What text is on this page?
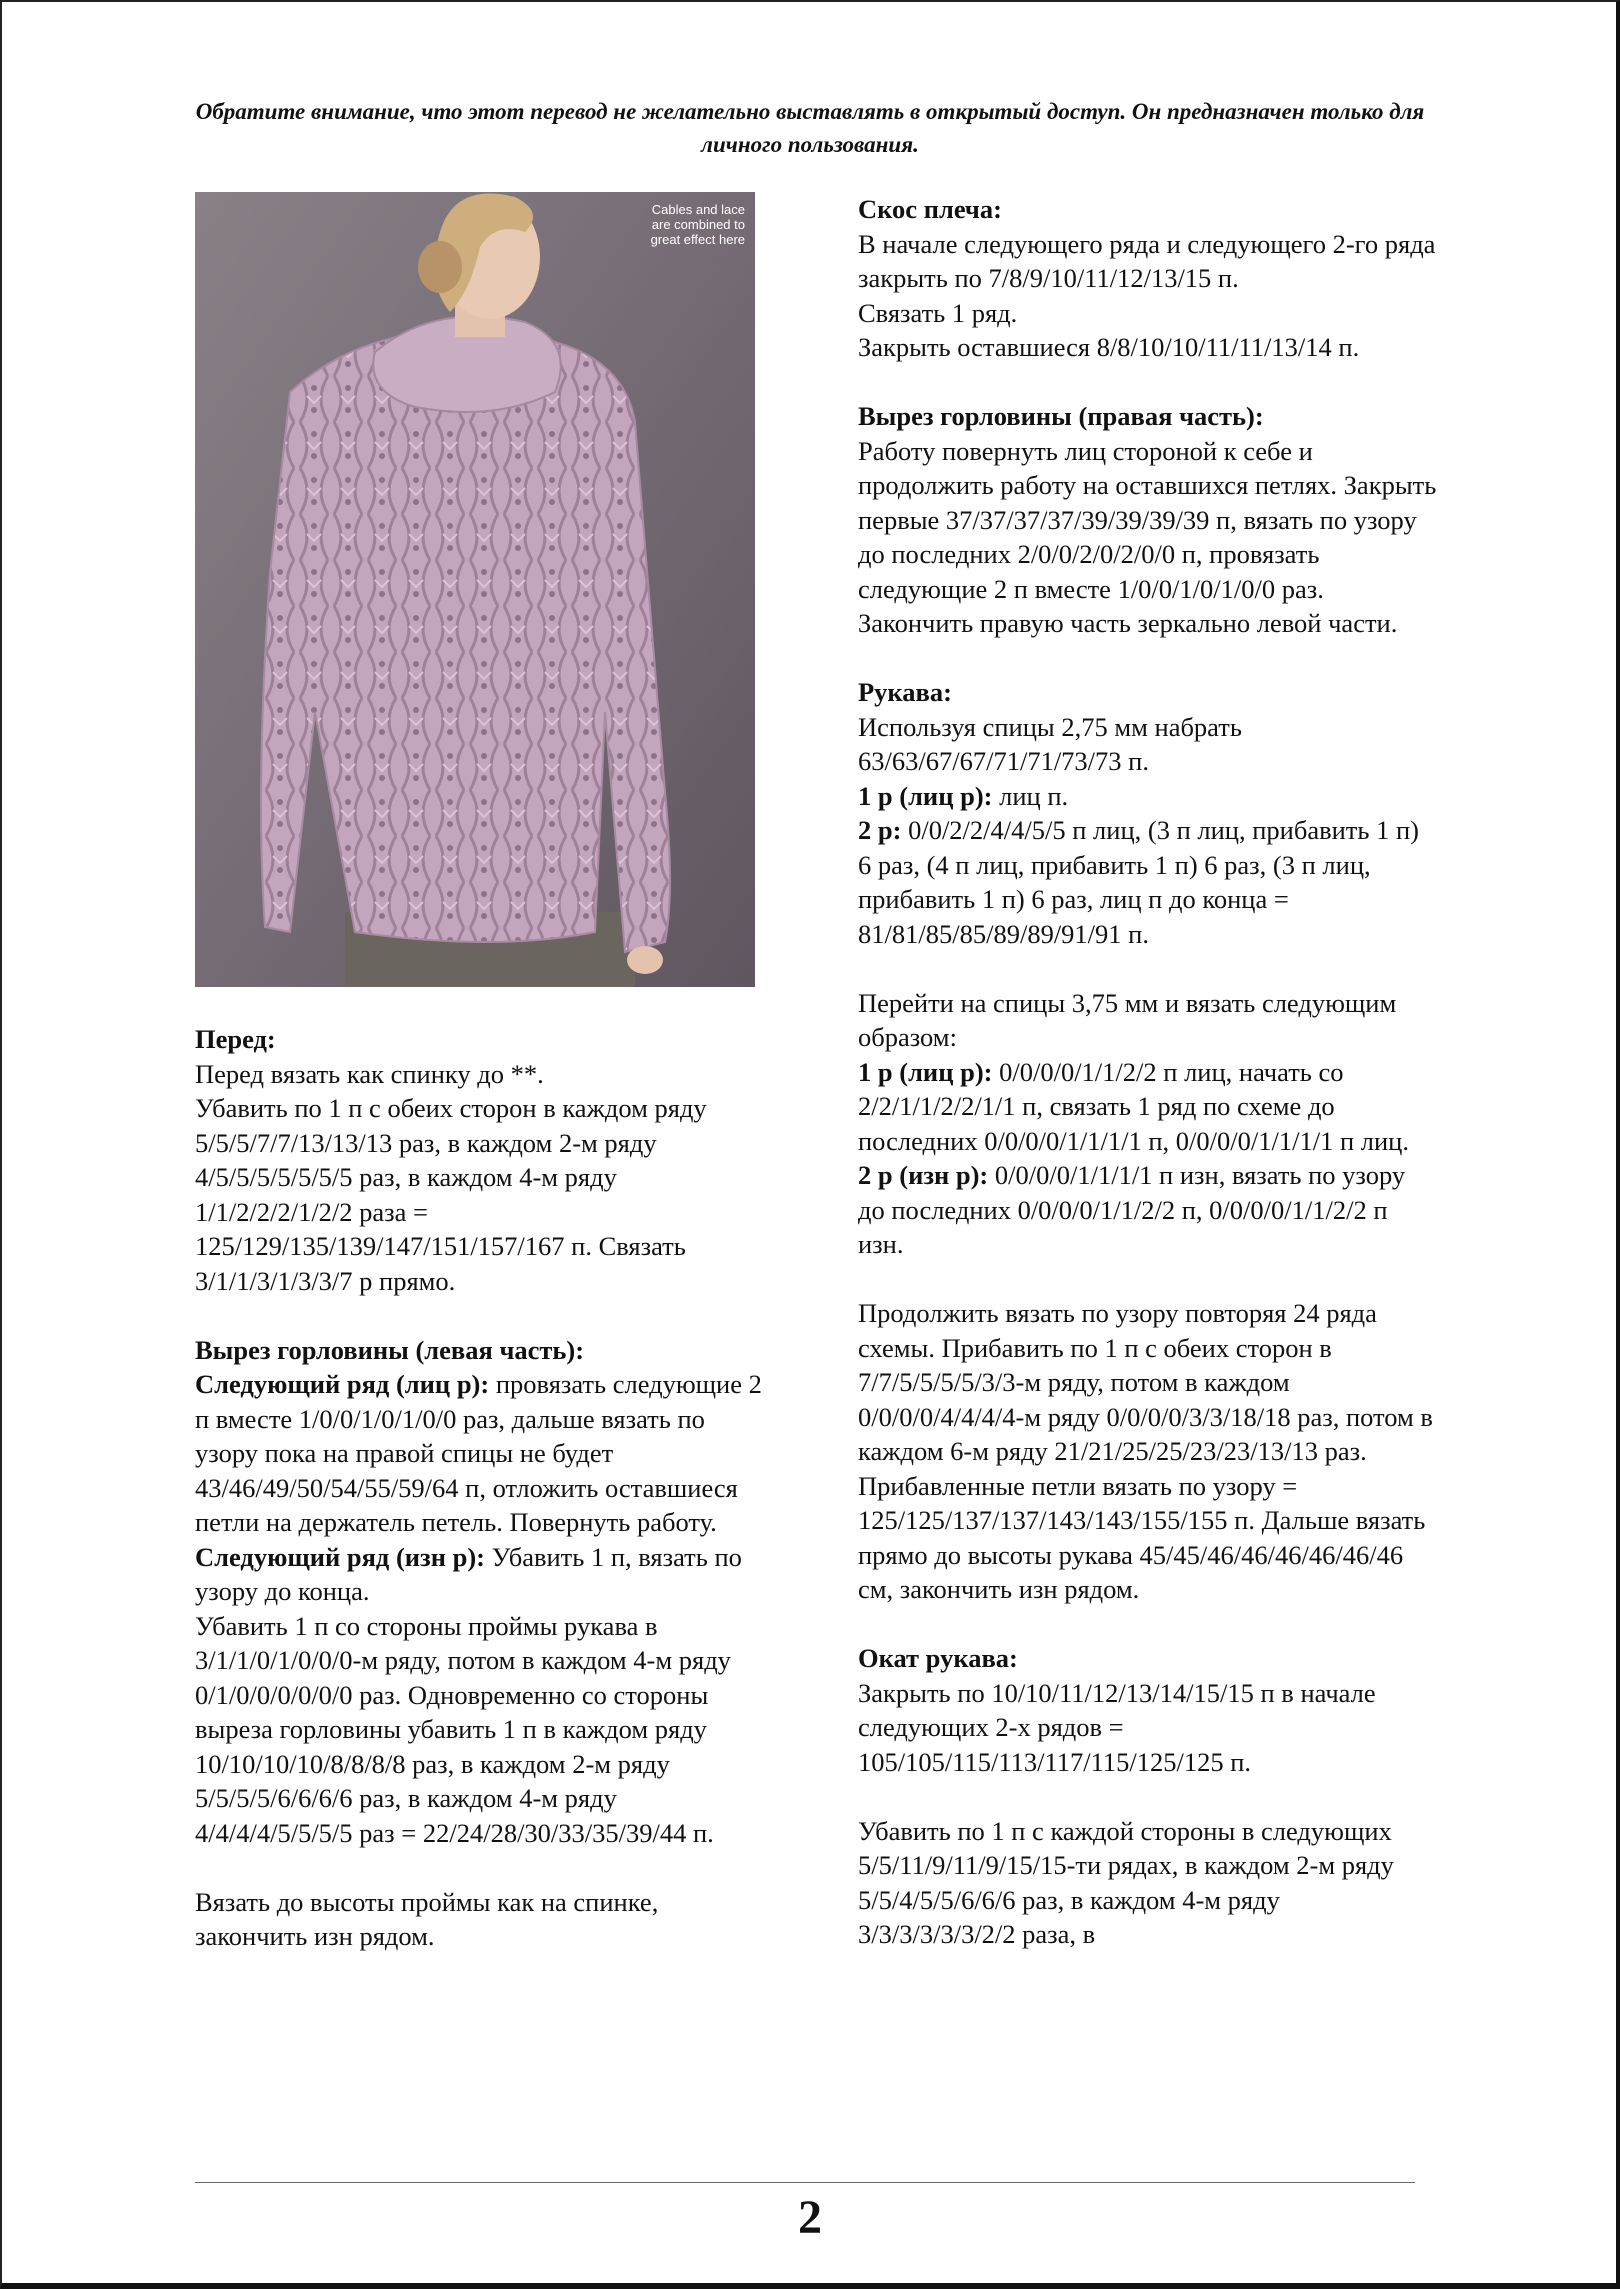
Обратите внимание, что этот перевод не желательно выставлять в открытый доступ. Он предназначен только для личного пользования.
Cables and lace are combined to great effect here

Перед:

Перед вязать как спинку до **.

Убавить по 1 п с обеих сторон в каждом ряду 5/5/5/7/7/13/13/13 раз, в каждом 2-м ряду 4/5/5/5/5/5/5/5 раз, в каждом 4-м ряду 1/1/2/2/2/1/2/2 раза = 125/129/135/139/147/151/157/167 п. Связать 3/1/1/3/1/3/3/7 р прямо.

Вырез горловины (левая часть):

Следующий ряд (лиц р): провязать следующие 2 п вместе 1/0/0/1/0/1/0/0 раз, дальше вязать по узору пока на правой спицы не будет 43/46/49/50/54/55/59/64 п, отложить оставшиеся петли на держатель петель. Повернуть работу.

Следующий ряд (изн р): Убавить 1 п, вязать по узору до конца.

Убавить 1 п со стороны проймы рукава в 3/1/1/0/1/0/0/0-м ряду, потом в каждом 4-м ряду 0/1/0/0/0/0/0/0 раз. Одновременно со стороны выреза горловины убавить 1 п в каждом ряду 10/10/10/10/8/8/8/8 раз, в каждом 2-м ряду 5/5/5/5/6/6/6/6 раз, в каждом 4-м ряду 4/4/4/4/5/5/5/5 раз = 22/24/28/30/33/35/39/44 п.

Вязать до высоты проймы как на спинке, закончить изн рядом.

Скос плеча:

В начале следующего ряда и следующего 2-го ряда закрыть по 7/8/9/10/11/12/13/15 п.

Связать 1 ряд.

Закрыть оставшиеся 8/8/10/10/11/11/13/14 п.

Вырез горловины (правая часть):

Работу повернуть лиц стороной к себе и продолжить работу на оставшихся петлях. Закрыть первые 37/37/37/37/39/39/39/39 п, вязать по узору до последних 2/0/0/2/0/2/0/0 п, провязать следующие 2 п вместе 1/0/0/1/0/1/0/0 раз.

Закончить правую часть зеркально левой части.

Рукава:

Используя спицы 2,75 мм набрать 63/63/67/67/71/71/73/73 п.

1 р (лиц р): лиц п.

2 р: 0/0/2/2/4/4/5/5 п лиц, (3 п лиц, прибавить 1 п) 6 раз, (4 п лиц, прибавить 1 п) 6 раз, (3 п лиц, прибавить 1 п) 6 раз, лиц п до конца = 81/81/85/85/89/89/91/91 п.

Перейти на спицы 3,75 мм и вязать следующим образом:

1 р (лиц р): 0/0/0/0/1/1/2/2 п лиц, начать со 2/2/1/1/2/2/1/1 п, связать 1 ряд по схеме до последних 0/0/0/0/1/1/1/1 п, 0/0/0/0/1/1/1/1 п лиц.

2 р (изн р): 0/0/0/0/1/1/1/1 п изн, вязать по узору до последних 0/0/0/0/1/1/2/2 п, 0/0/0/0/1/1/2/2 п изн.

Продолжить вязать по узору повторяя 24 ряда схемы. Прибавить по 1 п с обеих сторон в 7/7/5/5/5/5/3/3-м ряду, потом в каждом 0/0/0/0/4/4/4/4-м ряду 0/0/0/0/3/3/18/18 раз, потом в каждом 6-м ряду 21/21/25/25/23/23/13/13 раз. Прибавленные петли вязать по узору = 125/125/137/137/143/143/155/155 п. Дальше вязать прямо до высоты рукава 45/45/46/46/46/46/46/46 см, закончить изн рядом.

Окат рукава:

Закрыть по 10/10/11/12/13/14/15/15 п в начале следующих 2-х рядов = 105/105/115/113/117/115/125/125 п.

Убавить по 1 п с каждой стороны в следующих 5/5/11/9/11/9/15/15-ти рядах, в каждом 2-м ряду 5/5/4/5/5/6/6/6 раз, в каждом 4-м ряду 3/3/3/3/3/3/2/2 раза, в

2
